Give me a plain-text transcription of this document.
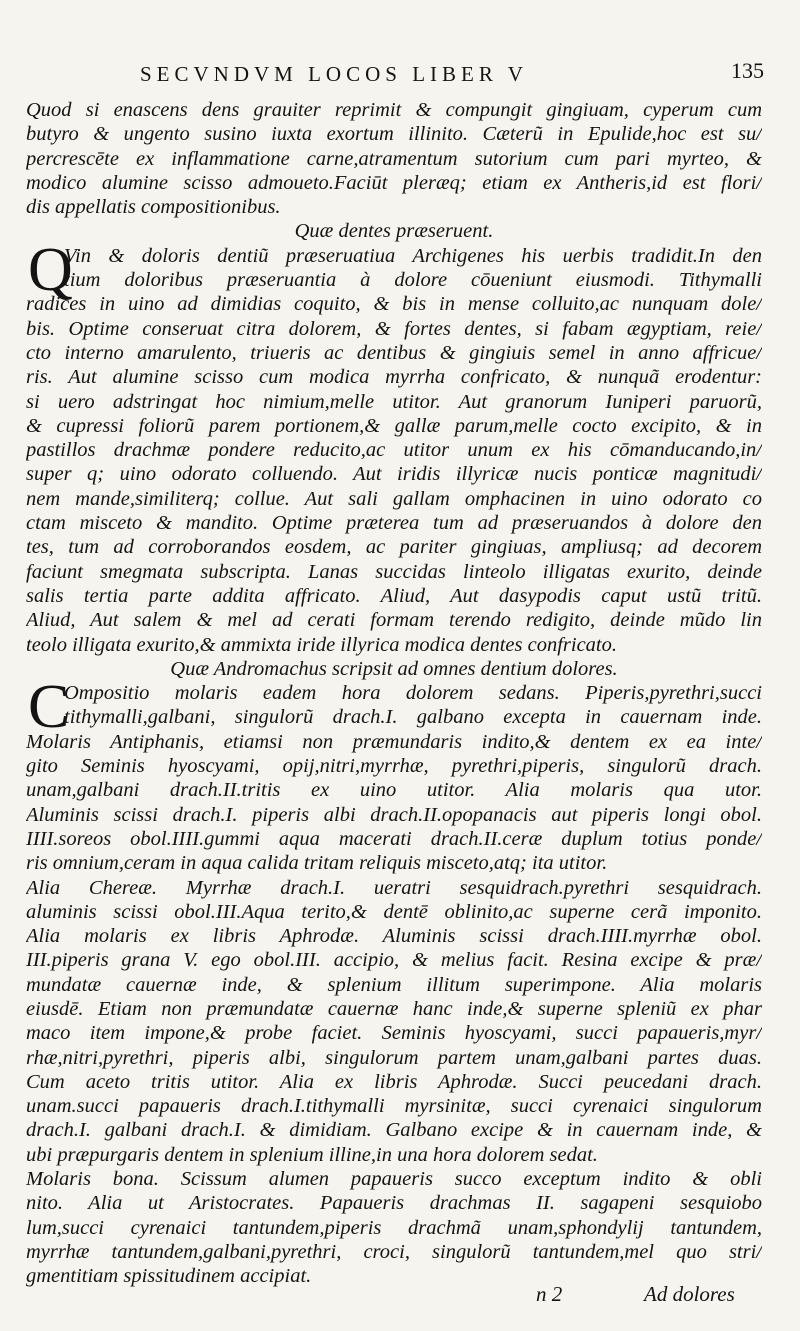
SECVNDVM LOCOS LIBER V	135
Quod si enascens dens grauiter reprimit & compungit gingiuam, cyperum cum
butyro & ungento susino iuxta exortum illinito. Cæterũ in Epulide,hoc est su/
percrescēte ex inflammatione carne,atramentum sutorium cum pari myrteo, &
modico alumine scisso admoueto.Faciūt pleræq; etiam ex Antheris,id est flori/
dis appellatis compositionibus.
Quæ dentes præseruent.
Q
Vin & doloris dentiũ præseruatiua Archigenes his uerbis tradidit.In den
tium doloribus præseruantia à dolore cōueniunt eiusmodi. Tithymalli
radices in uino ad dimidias coquito, & bis in mense colluito,ac nunquam dole/
bis. Optime conseruat citra dolorem, & fortes dentes, si fabam ægyptiam, reie/
cto interno amarulento, triueris ac dentibus & gingiuis semel in anno affricue/
ris. Aut alumine scisso cum modica myrrha confricato, & nunquã erodentur:
si uero adstringat hoc nimium,melle utitor. Aut granorum Iuniperi paruorũ,
& cupressi foliorũ parem portionem,& gallæ parum,melle cocto excipito, & in
pastillos drachmæ pondere reducito,ac utitor unum ex his cōmanducando,in/
super q; uino odorato colluendo. Aut iridis illyricæ nucis ponticæ magnitudi/
nem mande,similiterq; collue. Aut sali gallam omphacinen in uino odorato co
ctam misceto & mandito. Optime præterea tum ad præseruandos à dolore den
tes, tum ad corroborandos eosdem, ac pariter gingiuas, ampliusq; ad decorem
faciunt smegmata subscripta. Lanas succidas linteolo illigatas exurito, deinde
salis tertia parte addita affricato. Aliud, Aut dasypodis caput ustũ tritũ.
Aliud, Aut salem & mel ad cerati formam terendo redigito, deinde mũdo lin
teolo illigata exurito,& ammixta iride illyrica modica dentes confricato.
Quæ Andromachus scripsit ad omnes dentium dolores.
C
Ompositio molaris eadem hora dolorem sedans. Piperis,pyrethri,succi
tithymalli,galbani, singulorũ drach.I. galbano excepta in cauernam inde.
Molaris Antiphanis, etiamsi non præmundaris indito,& dentem ex ea inte/
gito Seminis hyoscyami, opij,nitri,myrrhæ, pyrethri,piperis, singulorũ drach.
unam,galbani drach.II.tritis ex uino utitor. Alia molaris qua utor.
Aluminis scissi drach.I. piperis albi drach.II.opopanacis aut piperis longi obol.
IIII.soreos obol.IIII.gummi aqua macerati drach.II.ceræ duplum totius ponde/
ris omnium,ceram in aqua calida tritam reliquis misceto,atq; ita utitor.
Alia Chereæ. Myrrhæ drach.I. ueratri sesquidrach.pyrethri sesquidrach.
aluminis scissi obol.III.Aqua terito,& dentē oblinito,ac superne cerã imponito.
Alia molaris ex libris Aphrodæ. Aluminis scissi drach.IIII.myrrhæ obol.
III.piperis grana V. ego obol.III. accipio, & melius facit. Resina excipe & præ/
mundatæ cauernæ inde, & splenium illitum superimpone. Alia molaris
eiusdē. Etiam non præmundatæ cauernæ hanc inde,& superne spleniũ ex phar
maco item impone,& probe faciet. Seminis hyoscyami, succi papaueris,myr/
rhæ,nitri,pyrethri, piperis albi, singulorum partem unam,galbani partes duas.
Cum aceto tritis utitor. Alia ex libris Aphrodæ. Succi peucedani drach.
unam.succi papaueris drach.I.tithymalli myrsinitæ, succi cyrenaici singulorum
drach.I. galbani drach.I. & dimidiam. Galbano excipe & in cauernam inde, &
ubi præpurgaris dentem in splenium illine,in una hora dolorem sedat.
Molaris bona. Scissum alumen papaueris succo exceptum indito & obli
nito. Alia ut Aristocrates. Papaueris drachmas II. sagapeni sesquiobo
lum,succi cyrenaici tantundem,piperis drachmã unam,sphondylij tantundem,
myrrhæ tantundem,galbani,pyrethri, croci, singulorũ tantundem,mel quo stri/
gmentitiam spissitudinem accipiat.
n 2	Ad dolores
